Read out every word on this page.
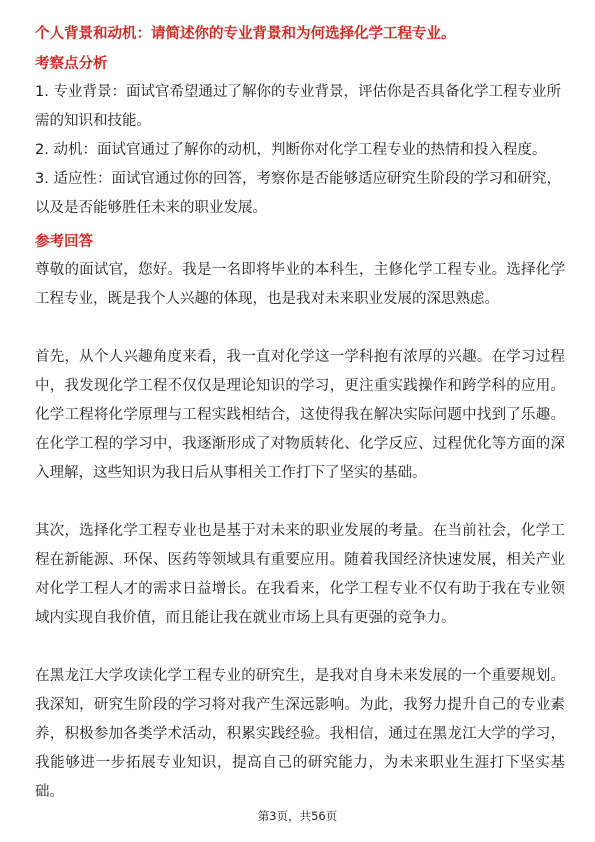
个人背景和动机：请简述你的专业背景和为何选择化学工程专业。
考察点分析
1. 专业背景：面试官希望通过了解你的专业背景，评估你是否具备化学工程专业所需的知识和技能。
2. 动机：面试官通过了解你的动机，判断你对化学工程专业的热情和投入程度。
3. 适应性：面试官通过你的回答，考察你是否能够适应研究生阶段的学习和研究，以及是否能够胜任未来的职业发展。
参考回答

尊敬的面试官，您好。我是一名即将毕业的本科生，主修化学工程专业。选择化学工程专业，既是我个人兴趣的体现，也是我对未来职业发展的深思熟虑。

首先，从个人兴趣角度来看，我一直对化学这一学科抱有浓厚的兴趣。在学习过程中，我发现化学工程不仅仅是理论知识的学习，更注重实践操作和跨学科的应用。化学工程将化学原理与工程实践相结合，这使得我在解决实际问题中找到了乐趣。在化学工程的学习中，我逐渐形成了对物质转化、化学反应、过程优化等方面的深入理解，这些知识为我日后从事相关工作打下了坚实的基础。

其次，选择化学工程专业也是基于对未来的职业发展的考量。在当前社会，化学工程在新能源、环保、医药等领域具有重要应用。随着我国经济快速发展，相关产业对化学工程人才的需求日益增长。在我看来，化学工程专业不仅有助于我在专业领域内实现自我价值，而且能让我在就业市场上具有更强的竞争力。

在黑龙江大学攻读化学工程专业的研究生，是我对自身未来发展的一个重要规划。我深知，研究生阶段的学习将对我产生深远影响。为此，我努力提升自己的专业素养，积极参加各类学术活动，积累实践经验。我相信，通过在黑龙江大学的学习，我能够进一步拓展专业知识，提高自己的研究能力，为未来职业生涯打下坚实基础。

第3页，共56页
